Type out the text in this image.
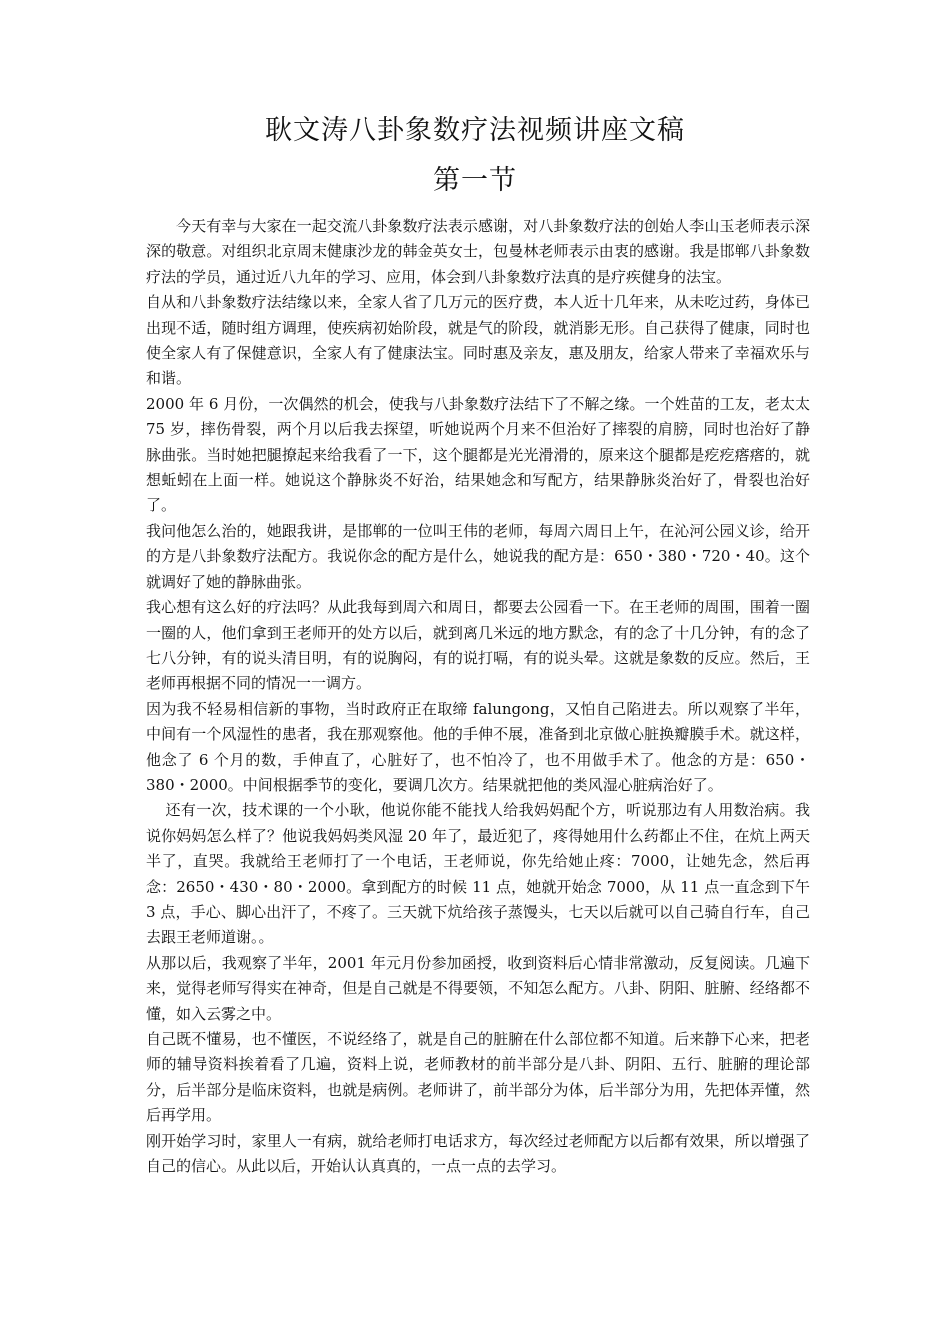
耿文涛八卦象数疗法视频讲座文稿
第一节

今天有幸与大家在一起交流八卦象数疗法表示感谢，对八卦象数疗法的创始人李山玉老师表示深深的敬意。对组织北京周末健康沙龙的韩金英女士，包曼林老师表示由衷的感谢。我是邯郸八卦象数疗法的学员，通过近八九年的学习、应用，体会到八卦象数疗法真的是疗疾健身的法宝。

自从和八卦象数疗法结缘以来，全家人省了几万元的医疗费，本人近十几年来，从未吃过药，身体已出现不适，随时组方调理，使疾病初始阶段，就是气的阶段，就消影无形。自己获得了健康，同时也使全家人有了保健意识，全家人有了健康法宝。同时惠及亲友，惠及朋友，给家人带来了幸福欢乐与和谐。

2000 年 6 月份，一次偶然的机会，使我与八卦象数疗法结下了不解之缘。一个姓苗的工友，老太太 75 岁，摔伤骨裂，两个月以后我去探望，听她说两个月来不但治好了摔裂的肩膀，同时也治好了静脉曲张。当时她把腿撩起来给我看了一下，这个腿都是光光滑滑的，原来这个腿都是疙疙瘩瘩的，就想蚯蚓在上面一样。她说这个静脉炎不好治，结果她念和写配方，结果静脉炎治好了，骨裂也治好了。

我问他怎么治的，她跟我讲，是邯郸的一位叫王伟的老师，每周六周日上午，在沁河公园义诊，给开的方是八卦象数疗法配方。我说你念的配方是什么，她说我的配方是：650・380・720・40。这个就调好了她的静脉曲张。

我心想有这么好的疗法吗？从此我每到周六和周日，都要去公园看一下。在王老师的周围，围着一圈一圈的人，他们拿到王老师开的处方以后，就到离几米远的地方默念，有的念了十几分钟，有的念了七八分钟，有的说头清目明，有的说胸闷，有的说打嗝，有的说头晕。这就是象数的反应。然后，王老师再根据不同的情况一一调方。

因为我不轻易相信新的事物，当时政府正在取缔 falungong，又怕自己陷进去。所以观察了半年，中间有一个风湿性的患者，我在那观察他。他的手伸不展，准备到北京做心脏换瓣膜手术。就这样，他念了 6 个月的数，手伸直了，心脏好了，也不怕冷了，也不用做手术了。他念的方是：650・380・2000。中间根据季节的变化，要调几次方。结果就把他的类风湿心脏病治好了。

还有一次，技术课的一个小耿，他说你能不能找人给我妈妈配个方，听说那边有人用数治病。我说你妈妈怎么样了？他说我妈妈类风湿 20 年了，最近犯了，疼得她用什么药都止不住，在炕上两天半了，直哭。我就给王老师打了一个电话，王老师说，你先给她止疼：7000，让她先念，然后再念：2650・430・80・2000。拿到配方的时候 11 点，她就开始念 7000，从 11 点一直念到下午 3 点，手心、脚心出汗了，不疼了。三天就下炕给孩子蒸馒头，七天以后就可以自己骑自行车，自己去跟王老师道谢。。

从那以后，我观察了半年，2001 年元月份参加函授，收到资料后心情非常激动，反复阅读。几遍下来，觉得老师写得实在神奇，但是自己就是不得要领，不知怎么配方。八卦、阴阳、脏腑、经络都不懂，如入云雾之中。

自己既不懂易，也不懂医，不说经络了，就是自己的脏腑在什么部位都不知道。后来静下心来，把老师的辅导资料挨着看了几遍，资料上说，老师教材的前半部分是八卦、阴阳、五行、脏腑的理论部分，后半部分是临床资料，也就是病例。老师讲了，前半部分为体，后半部分为用，先把体弄懂，然后再学用。

刚开始学习时，家里人一有病，就给老师打电话求方，每次经过老师配方以后都有效果，所以增强了自己的信心。从此以后，开始认认真真的，一点一点的去学习。
